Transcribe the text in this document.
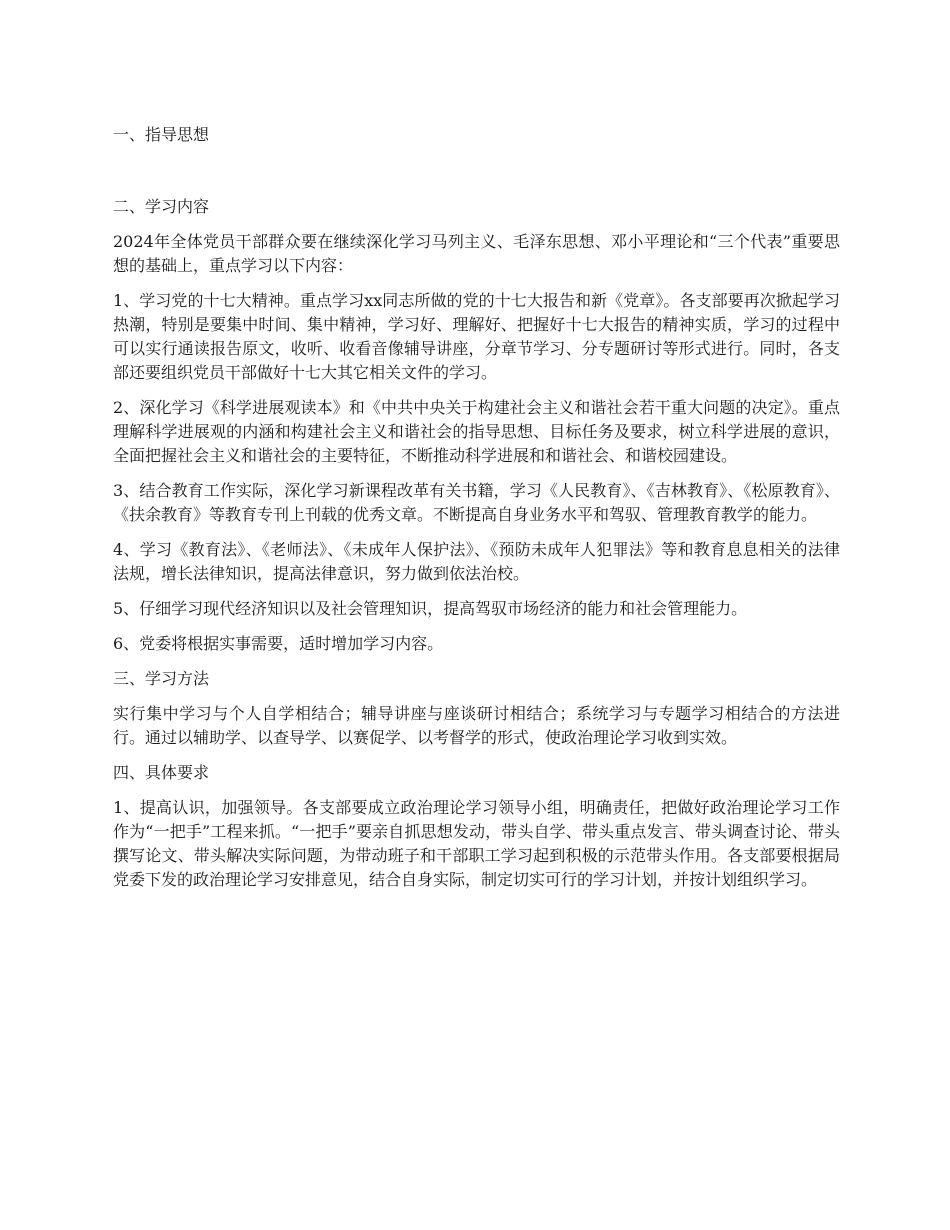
一、指导思想

二、学习内容

2024年全体党员干部群众要在继续深化学习马列主义、毛泽东思想、邓小平理论和“三个代表”重要思想的基础上，重点学习以下内容：

1、学习党的十七大精神。重点学习xx同志所做的党的十七大报告和新《党章》。各支部要再次掀起学习热潮，特别是要集中时间、集中精神，学习好、理解好、把握好十七大报告的精神实质，学习的过程中可以实行通读报告原文，收听、收看音像辅导讲座，分章节学习、分专题研讨等形式进行。同时，各支部还要组织党员干部做好十七大其它相关文件的学习。

2、深化学习《科学进展观读本》和《中共中央关于构建社会主义和谐社会若干重大问题的决定》。重点理解科学进展观的内涵和构建社会主义和谐社会的指导思想、目标任务及要求，树立科学进展的意识，全面把握社会主义和谐社会的主要特征，不断推动科学进展和和谐社会、和谐校园建设。

3、结合教育工作实际，深化学习新课程改革有关书籍，学习《人民教育》、《吉林教育》、《松原教育》、《扶余教育》等教育专刊上刊载的优秀文章。不断提高自身业务水平和驾驭、管理教育教学的能力。

4、学习《教育法》、《老师法》、《未成年人保护法》、《预防未成年人犯罪法》等和教育息息相关的法律法规，增长法律知识，提高法律意识，努力做到依法治校。

5、仔细学习现代经济知识以及社会管理知识，提高驾驭市场经济的能力和社会管理能力。

6、党委将根据实事需要，适时增加学习内容。

三、学习方法

实行集中学习与个人自学相结合；辅导讲座与座谈研讨相结合；系统学习与专题学习相结合的方法进行。通过以辅助学、以查导学、以赛促学、以考督学的形式，使政治理论学习收到实效。

四、具体要求

1、提高认识，加强领导。各支部要成立政治理论学习领导小组，明确责任，把做好政治理论学习工作作为“一把手”工程来抓。“一把手”要亲自抓思想发动，带头自学、带头重点发言、带头调查讨论、带头撰写论文、带头解决实际问题，为带动班子和干部职工学习起到积极的示范带头作用。各支部要根据局党委下发的政治理论学习安排意见，结合自身实际，制定切实可行的学习计划，并按计划组织学习。
